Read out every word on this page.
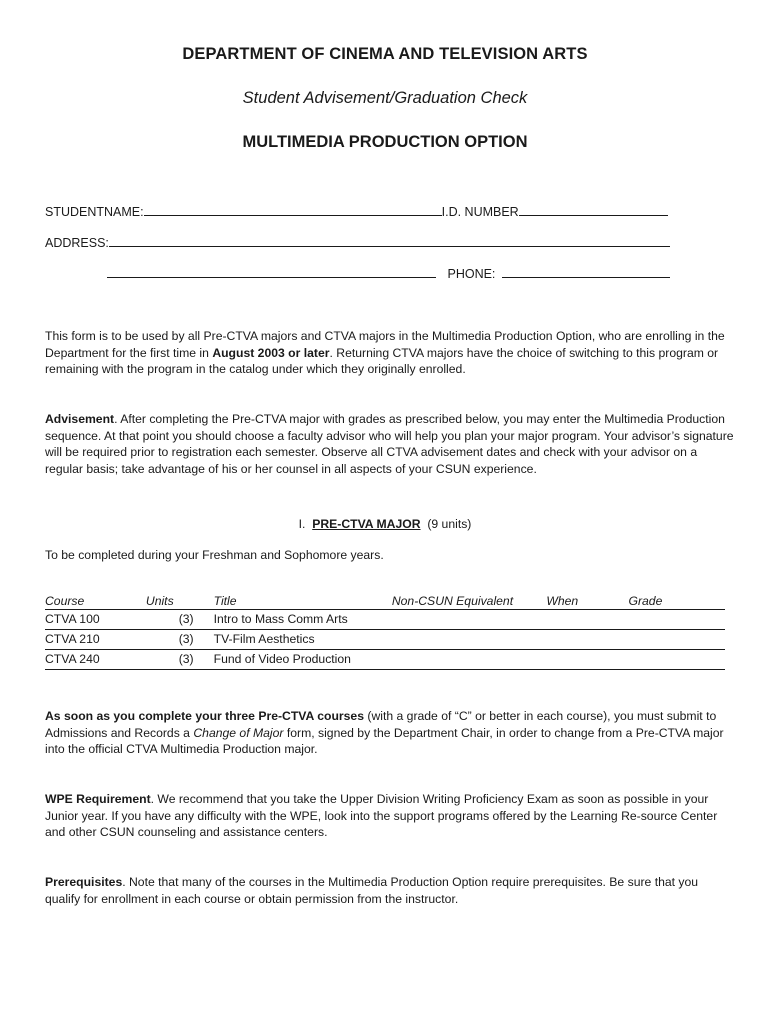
DEPARTMENT OF CINEMA AND TELEVISION ARTS
Student Advisement/Graduation Check
MULTIMEDIA PRODUCTION OPTION
STUDENTNAME:	I.D. NUMBER
ADDRESS:
PHONE:
This form is to be used by all Pre-CTVA majors and CTVA majors in the Multimedia Production Option, who are enrolling in the Department for the first time in August 2003 or later. Returning CTVA majors have the choice of switching to this program or remaining with the program in the catalog under which they originally enrolled.
Advisement. After completing the Pre-CTVA major with grades as prescribed below, you may enter the Multimedia Production sequence. At that point you should choose a faculty advisor who will help you plan your major program. Your advisor’s signature will be required prior to registration each semester. Observe all CTVA advisement dates and check with your advisor on a regular basis; take advantage of his or her counsel in all aspects of your CSUN experience.
I. PRE-CTVA MAJOR (9 units)
To be completed during your Freshman and Sophomore years.
Course	Units	Title	Non-CSUN Equivalent	When	Grade
CTVA 100	(3)	Intro to Mass Comm Arts			
CTVA 210	(3)	TV-Film Aesthetics			
CTVA 240	(3)	Fund of Video Production			
As soon as you complete your three Pre-CTVA courses (with a grade of “C” or better in each course), you must submit to Admissions and Records a Change of Major form, signed by the Department Chair, in order to change from a Pre-CTVA major into the official CTVA Multimedia Production major.
WPE Requirement. We recommend that you take the Upper Division Writing Proficiency Exam as soon as possible in your Junior year. If you have any difficulty with the WPE, look into the support programs offered by the Learning Re-source Center and other CSUN counseling and assistance centers.
Prerequisites. Note that many of the courses in the Multimedia Production Option require prerequisites. Be sure that you qualify for enrollment in each course or obtain permission from the instructor.
